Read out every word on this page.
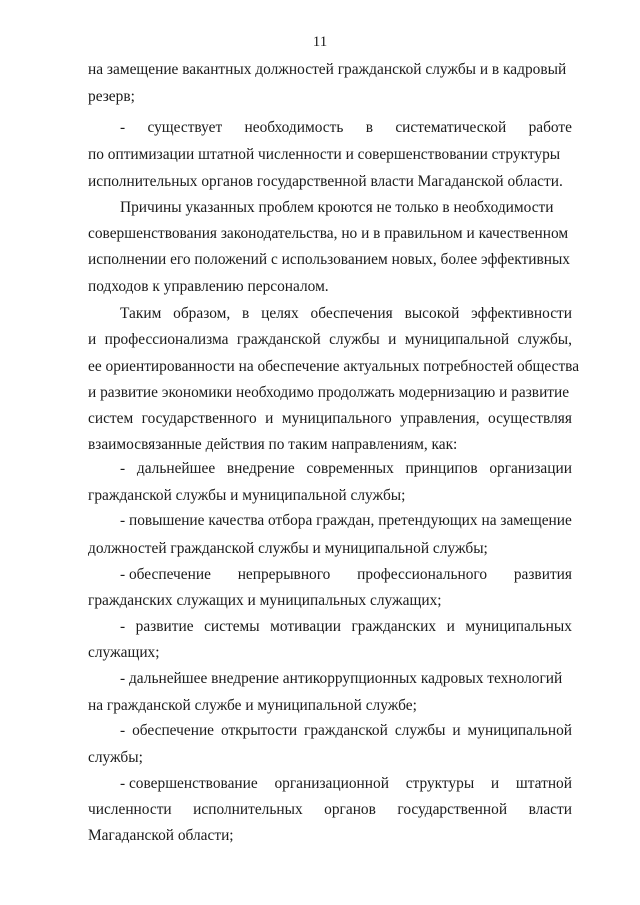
11
на замещение вакантных должностей гражданской службы и в кадровый
резерв;
- существует необходимость в систематической работе
по оптимизации штатной численности и совершенствовании структуры
исполнительных органов государственной власти Магаданской области.
Причины указанных проблем кроются не только в необходимости
совершенствования законодательства, но и в правильном и качественном
исполнении его положений с использованием новых, более эффективных
подходов к управлению персоналом.
Таким образом, в целях обеспечения высокой эффективности
и профессионализма гражданской службы и муниципальной службы,
ее ориентированности на обеспечение актуальных потребностей общества
и развитие экономики необходимо продолжать модернизацию и развитие
систем государственного и муниципального управления, осуществляя
взаимосвязанные действия по таким направлениям, как:
- дальнейшее внедрение современных принципов организации
гражданской службы и муниципальной службы;
- повышение качества отбора граждан, претендующих на замещение
должностей гражданской службы и муниципальной службы;
- обеспечение непрерывного профессионального развития
гражданских служащих и муниципальных служащих;
- развитие системы мотивации гражданских и муниципальных
служащих;
- дальнейшее внедрение антикоррупционных кадровых технологий
на гражданской службе и муниципальной службе;
- обеспечение открытости гражданской службы и муниципальной
службы;
- совершенствование организационной структуры и штатной
численности исполнительных органов государственной власти
Магаданской области;
